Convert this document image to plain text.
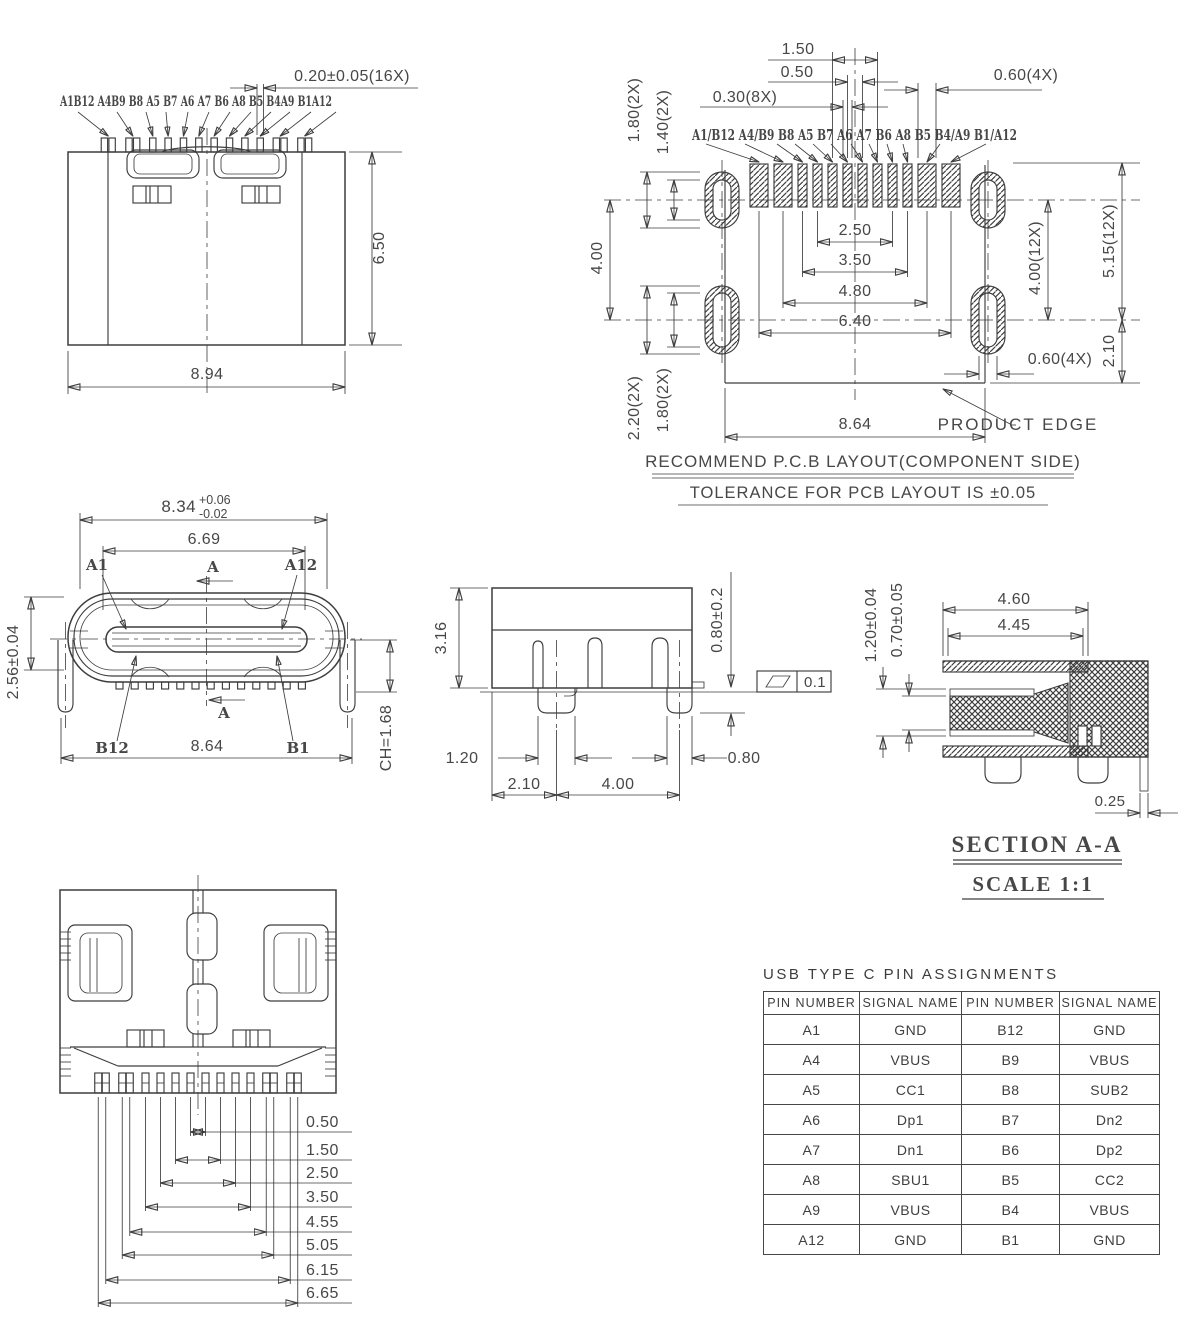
A1B12 A4B9 B8 A5 B7 A6 A7 B6 A8 B5 B4A9 B1A12
0.20±0.05(16X)
6.50
8.94
A1/B12 A4/B9 B8 A5 B7 A6 A7 B6 A8 B5 B4/A9 B1/A12
1.50
0.50
0.30(8X)
0.60(4X)
1.80(2X) 1.40(2X)
4.00
2.20(2X) 1.80(2X)
4.00(12X)	5.15(12X)
2.10
0.60(4X)
2.50
3.50
4.80
6.40
8.64	PRODUCT EDGE
RECOMMEND P.C.B LAYOUT(COMPONENT SIDE)
TOLERANCE FOR PCB LAYOUT IS ±0.05
8.34 +0.06
-0.02
6.69
A1	A	A12
B12
A
B1
2.56±0.04
CH=1.68
8.64
0.1
3.16	0.80±0.2
1.20	0.80
2.10	4.00
4.60
4.45
1.20±0.04 0.70±0.05
0.25
SECTION A-A
SCALE 1:1
0.50
1.50
2.50
3.50
4.55
5.05
6.15
6.65
USB TYPE C PIN ASSIGNMENTS
PIN NUMBER	SIGNAL NAME	PIN NUMBER	SIGNAL NAME
A1	GND	B12	GND
A4	VBUS	B9	VBUS
A5	CC1	B8	SUB2
A6	Dp1	B7	Dn2
A7	Dn1	B6	Dp2
A8	SBU1	B5	CC2
A9	VBUS	B4	VBUS
A12	GND	B1	GND
